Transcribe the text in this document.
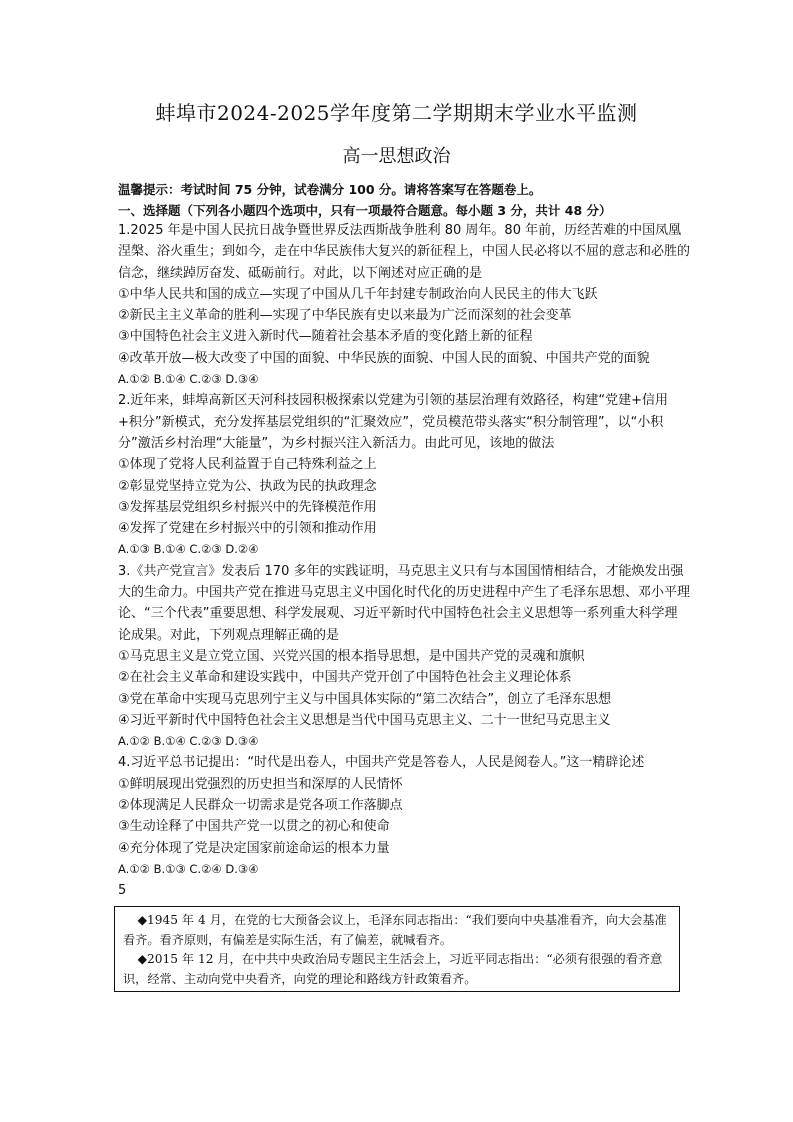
蚌埠市2024-2025学年度第二学期期末学业水平监测
高一思想政治
温馨提示：考试时间 75 分钟，试卷满分 100 分。请将答案写在答题卷上。
一、选择题（下列各小题四个选项中，只有一项最符合题意。每小题 3 分，共计 48 分）
1.2025 年是中国人民抗日战争暨世界反法西斯战争胜利 80 周年。80 年前，历经苦难的中国凤凰涅槃、浴火重生；到如今，走在中华民族伟大复兴的新征程上，中国人民必将以不屈的意志和必胜的信念，继续踔厉奋发、砥砺前行。对此，以下阐述对应正确的是
①中华人民共和国的成立—实现了中国从几千年封建专制政治向人民民主的伟大飞跃
②新民主主义革命的胜利—实现了中华民族有史以来最为广泛而深刻的社会变革
③中国特色社会主义进入新时代—随着社会基本矛盾的变化踏上新的征程
④改革开放—极大改变了中国的面貌、中华民族的面貌、中国人民的面貌、中国共产党的面貌
A.①② B.①④ C.②③ D.③④
2.近年来，蚌埠高新区天河科技园积极探索以党建为引领的基层治理有效路径，构建“党建+信用+积分”新模式，充分发挥基层党组织的“汇聚效应”，党员模范带头落实“积分制管理”，以“小积分”激活乡村治理“大能量”，为乡村振兴注入新活力。由此可见，该地的做法
①体现了党将人民利益置于自己特殊利益之上
②彰显党坚持立党为公、执政为民的执政理念
③发挥基层党组织乡村振兴中的先锋模范作用
④发挥了党建在乡村振兴中的引领和推动作用
A.①③ B.①④ C.②③ D.②④
3.《共产党宣言》发表后 170 多年的实践证明，马克思主义只有与本国国情相结合，才能焕发出强大的生命力。中国共产党在推进马克思主义中国化时代化的历史进程中产生了毛泽东思想、邓小平理论、“三个代表”重要思想、科学发展观、习近平新时代中国特色社会主义思想等一系列重大科学理论成果。对此，下列观点理解正确的是
①马克思主义是立党立国、兴党兴国的根本指导思想，是中国共产党的灵魂和旗帜
②在社会主义革命和建设实践中，中国共产党开创了中国特色社会主义理论体系
③党在革命中实现马克思列宁主义与中国具体实际的“第二次结合”，创立了毛泽东思想
④习近平新时代中国特色社会主义思想是当代中国马克思主义、二十一世纪马克思主义
A.①② B.①④ C.②③ D.③④
4.习近平总书记提出：“时代是出卷人，中国共产党是答卷人，人民是阅卷人。”这一精辟论述
①鲜明展现出党强烈的历史担当和深厚的人民情怀
②体现满足人民群众一切需求是党各项工作落脚点
③生动诠释了中国共产党一以贯之的初心和使命
④充分体现了党是决定国家前途命运的根本力量
A.①② B.①③ C.②④ D.③④
5

◆1945 年 4 月，在党的七大预备会议上，毛泽东同志指出：“我们要向中央基准看齐，向大会基准看齐。看齐原则，有偏差是实际生活，有了偏差，就喊看齐。

◆2015 年 12 月，在中共中央政治局专题民主生活会上，习近平同志指出：“必须有很强的看齐意识，经常、主动向党中央看齐，向党的理论和路线方针政策看齐。
